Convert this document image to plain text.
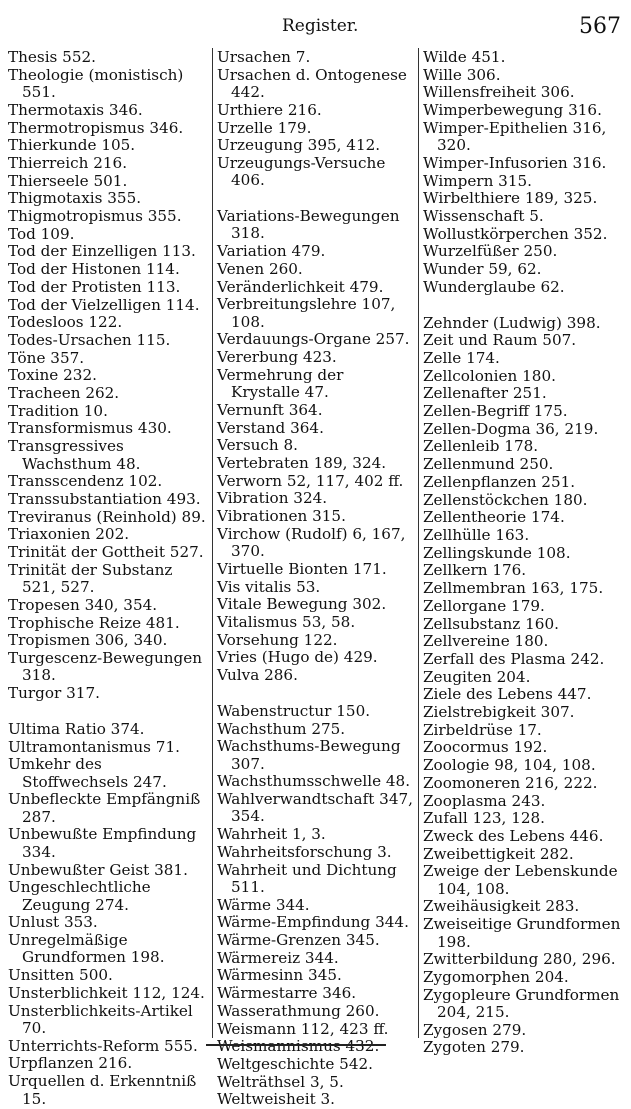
Register.	567
Thesis 552.
Theologie (monistisch) 551.
Thermotaxis 346.
Thermotropismus 346.
Thierkunde 105.
Thierreich 216.
Thierseele 501.
Thigmotaxis 355.
Thigmotropismus 355.
Tod 109.
Tod der Einzelligen 113.
Tod der Histonen 114.
Tod der Protisten 113.
Tod der Vielzelligen 114.
Todesloos 122.
Todes-Ursachen 115.
Töne 357.
Toxine 232.
Tracheen 262.
Tradition 10.
Transformismus 430.
Transgressives Wachsthum 48.
Transscendenz 102.
Transsubstantiation 493.
Treviranus (Reinhold) 89.
Triaxonien 202.
Trinität der Gottheit 527.
Trinität der Substanz 521, 527.
Tropesen 340, 354.
Trophische Reize 481.
Tropismen 306, 340.
Turgescenz-Bewegungen 318.
Turgor 317.
Ultima Ratio 374.
Ultramontanismus 71.
Umkehr des Stoffwechsels 247.
Unbefleckte Empfängniß 287.
Unbewußte Empfindung 334.
Unbewußter Geist 381.
Ungeschlechtliche Zeugung 274.
Unlust 353.
Unregelmäßige Grundformen 198.
Unsitten 500.
Unsterblichkeit 112, 124.
Unsterblichkeits-Artikel 70.
Unterrichts-Reform 555.
Urpflanzen 216.
Urquellen d. Erkenntniß 15.
Ursachen 7.
Ursachen d. Ontogenese 442.
Urthiere 216.
Urzelle 179.
Urzeugung 395, 412.
Urzeugungs-Versuche 406.
Variations-Bewegungen 318.
Variation 479.
Venen 260.
Veränderlichkeit 479.
Verbreitungslehre 107, 108.
Verdauungs-Organe 257.
Vererbung 423.
Vermehrung der Krystalle 47.
Vernunft 364.
Verstand 364.
Versuch 8.
Vertebraten 189, 324.
Verworn 52, 117, 402 ff.
Vibration 324.
Vibrationen 315.
Virchow (Rudolf) 6, 167, 370.
Virtuelle Bionten 171.
Vis vitalis 53.
Vitale Bewegung 302.
Vitalismus 53, 58.
Vorsehung 122.
Vries (Hugo de) 429.
Vulva 286.
Wabenstructur 150.
Wachsthum 275.
Wachsthums-Bewegung 307.
Wachsthumsschwelle 48.
Wahlverwandtschaft 347, 354.
Wahrheit 1, 3.
Wahrheitsforschung 3.
Wahrheit und Dichtung 511.
Wärme 344.
Wärme-Empfindung 344.
Wärme-Grenzen 345.
Wärmereiz 344.
Wärmesinn 345.
Wärmestarre 346.
Wasserathmung 260.
Weismann 112, 423 ff.
Weismannismus 432.
Weltgeschichte 542.
Welträthsel 3, 5.
Weltweisheit 3.
Wilde 451.
Wille 306.
Willensfreiheit 306.
Wimperbewegung 316.
Wimper-Epithelien 316, 320.
Wimper-Infusorien 316.
Wimpern 315.
Wirbelthiere 189, 325.
Wissenschaft 5.
Wollustkörperchen 352.
Wurzelfüßer 250.
Wunder 59, 62.
Wunderglaube 62.
Zehnder (Ludwig) 398.
Zeit und Raum 507.
Zelle 174.
Zellcolonien 180.
Zellenafter 251.
Zellen-Begriff 175.
Zellen-Dogma 36, 219.
Zellenleib 178.
Zellenmund 250.
Zellenpflanzen 251.
Zellenstöckchen 180.
Zellentheorie 174.
Zellhülle 163.
Zellingskunde 108.
Zellkern 176.
Zellmembran 163, 175.
Zellorgane 179.
Zellsubstanz 160.
Zellvereine 180.
Zerfall des Plasma 242.
Zeugiten 204.
Ziele des Lebens 447.
Zielstrebigkeit 307.
Zirbeldrüse 17.
Zoocormus 192.
Zoologie 98, 104, 108.
Zoomoneren 216, 222.
Zooplasma 243.
Zufall 123, 128.
Zweck des Lebens 446.
Zweibettigkeit 282.
Zweige der Lebenskunde 104, 108.
Zweihäusigkeit 283.
Zweiseitige Grundformen 198.
Zwitterbildung 280, 296.
Zygomorphen 204.
Zygopleure Grundformen 204, 215.
Zygosen 279.
Zygoten 279.
